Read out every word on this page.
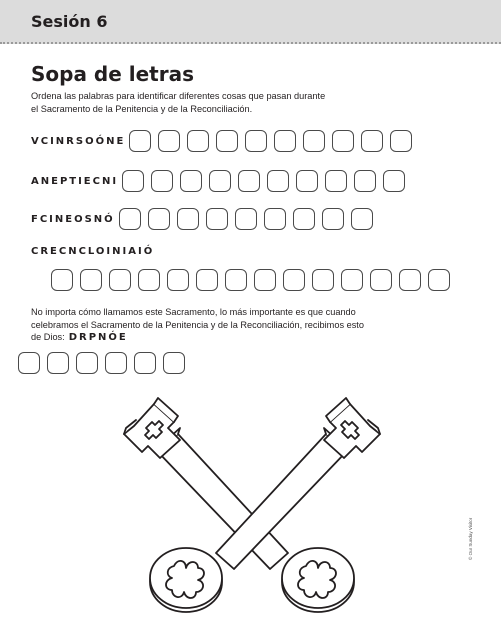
Sesión 6
Sopa de letras
Ordena las palabras para identificar diferentes cosas que pasan durante el Sacramento de la Penitencia y de la Reconciliación.
VCINRSOÓNE
ANEPTIECNI
FCINEOSNÓ
CRECNCLOINIAIÓ
No importa cómo llamamos este Sacramento, lo más importante es que cuando celebramos el Sacramento de la Penitencia y de la Reconciliación, recibimos esto de Dios: DRPNÓE
© Our Sunday Visitor
